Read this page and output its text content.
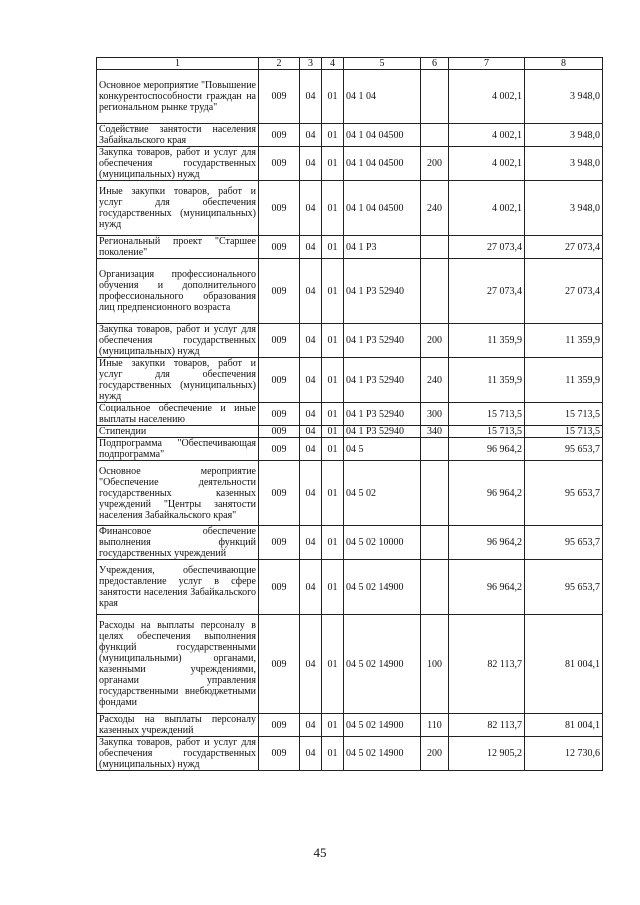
1	2	3	4	5	6	7	8
Основное мероприятие "Повышение конкурентоспособности граждан на региональном рынке труда"	009	04	01	04 1 04		4 002,1	3 948,0
Содействие занятости населения Забайкальского края	009	04	01	04 1 04 04500		4 002,1	3 948,0
Закупка товаров, работ и услуг для обеспечения государственных (муниципальных) нужд	009	04	01	04 1 04 04500	200	4 002,1	3 948,0
Иные закупки товаров, работ и услуг для обеспечения государственных (муниципальных) нужд	009	04	01	04 1 04 04500	240	4 002,1	3 948,0
Региональный проект "Старшее поколение"	009	04	01	04 1 P3		27 073,4	27 073,4
Организация профессионального обучения и дополнительного профессионального образования лиц предпенсионного возраста	009	04	01	04 1 P3 52940		27 073,4	27 073,4
Закупка товаров, работ и услуг для обеспечения государственных (муниципальных) нужд	009	04	01	04 1 P3 52940	200	11 359,9	11 359,9
Иные закупки товаров, работ и услуг для обеспечения государственных (муниципальных) нужд	009	04	01	04 1 P3 52940	240	11 359,9	11 359,9
Социальное обеспечение и иные выплаты населению	009	04	01	04 1 P3 52940	300	15 713,5	15 713,5
Стипендии	009	04	01	04 1 P3 52940	340	15 713,5	15 713,5
Подпрограмма "Обеспечивающая подпрограмма"	009	04	01	04 5		96 964,2	95 653,7
Основное мероприятие "Обеспечение деятельности государственных казенных учреждений "Центры занятости населения Забайкальского края"	009	04	01	04 5 02		96 964,2	95 653,7
Финансовое обеспечение выполнения функций государственных учреждений	009	04	01	04 5 02 10000		96 964,2	95 653,7
Учреждения, обеспечивающие предоставление услуг в сфере занятости населения Забайкальского края	009	04	01	04 5 02 14900		96 964,2	95 653,7
Расходы на выплаты персоналу в целях обеспечения выполнения функций государственными (муниципальными) органами, казенными учреждениями, органами управления государственными внебюджетными фондами	009	04	01	04 5 02 14900	100	82 113,7	81 004,1
Расходы на выплаты персоналу казенных учреждений	009	04	01	04 5 02 14900	110	82 113,7	81 004,1
Закупка товаров, работ и услуг для обеспечения государственных (муниципальных) нужд	009	04	01	04 5 02 14900	200	12 905,2	12 730,6
45
